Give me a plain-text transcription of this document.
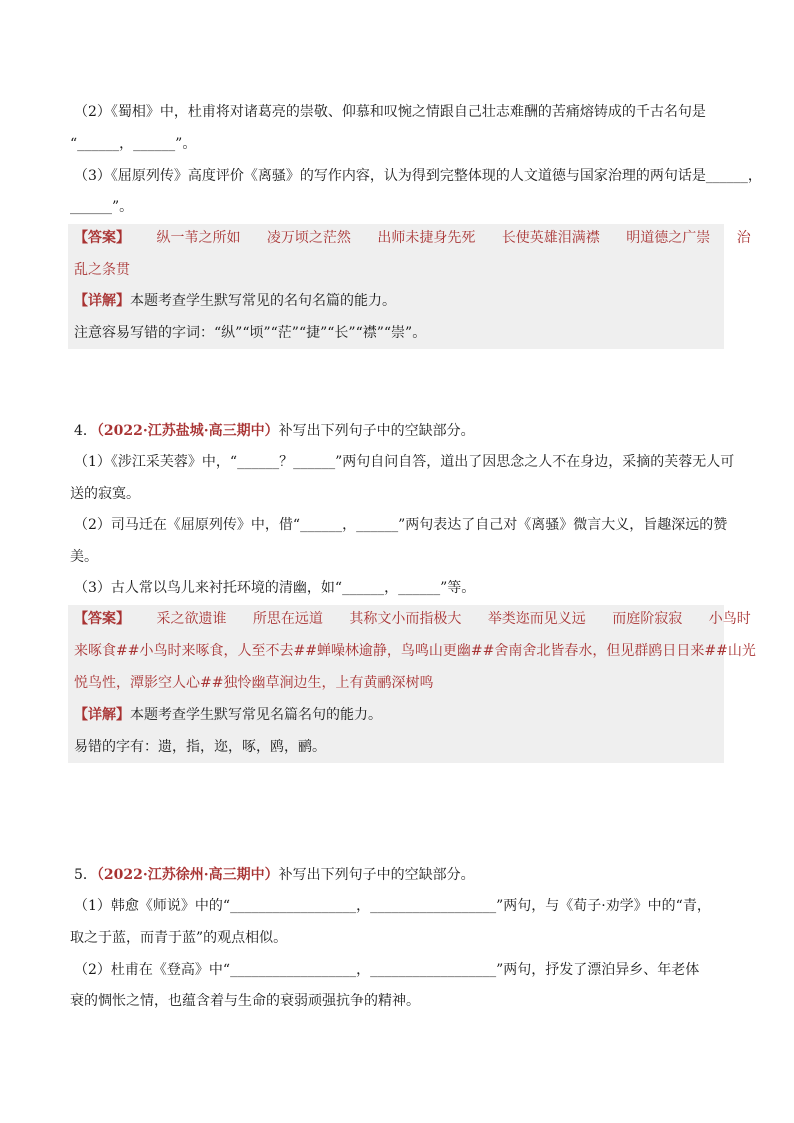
（2）《蜀相》中，杜甫将对诸葛亮的崇敬、仰慕和叹惋之情跟自己壮志难酬的苦痛熔铸成的千古名句是
“______，______”。
（3）《屈原列传》高度评价《离骚》的写作内容，认为得到完整体现的人文道德与国家治理的两句话是______，
______”。
【答案】 纵一苇之所如 凌万顷之茫然 出师未捷身先死 长使英雄泪满襟 明道德之广崇 治
乱之条贯
【详解】本题考查学生默写常见的名句名篇的能力。
注意容易写错的字词：“纵”“顷”“茫”“捷”“长”“襟”“崇”。
4．（2022·江苏盐城·高三期中）补写出下列句子中的空缺部分。
（1）《涉江采芙蓉》中，“______？______”两句自问自答，道出了因思念之人不在身边，采摘的芙蓉无人可
送的寂寞。
（2）司马迁在《屈原列传》中，借“______，______”两句表达了自己对《离骚》微言大义，旨趣深远的赞
美。
（3）古人常以鸟儿来衬托环境的清幽，如“______，______”等。
【答案】 采之欲遗谁 所思在远道 其称文小而指极大 举类迩而见义远 而庭阶寂寂 小鸟时
来啄食##小鸟时来啄食，人至不去##蝉噪林逾静，鸟鸣山更幽##舍南舍北皆春水，但见群鸥日日来##山光
悦鸟性，潭影空人心##独怜幽草涧边生，上有黄鹂深树鸣
【详解】本题考查学生默写常见名篇名句的能力。
易错的字有：遗，指，迩，啄，鸥，鹂。
5．（2022·江苏徐州·高三期中）补写出下列句子中的空缺部分。
（1）韩愈《师说》中的“__________________，__________________”两句，与《荀子·劝学》中的“青，
取之于蓝，而青于蓝”的观点相似。
（2）杜甫在《登高》中“__________________，__________________”两句，抒发了漂泊异乡、年老体
衰的惆怅之情，也蕴含着与生命的衰弱顽强抗争的精神。
